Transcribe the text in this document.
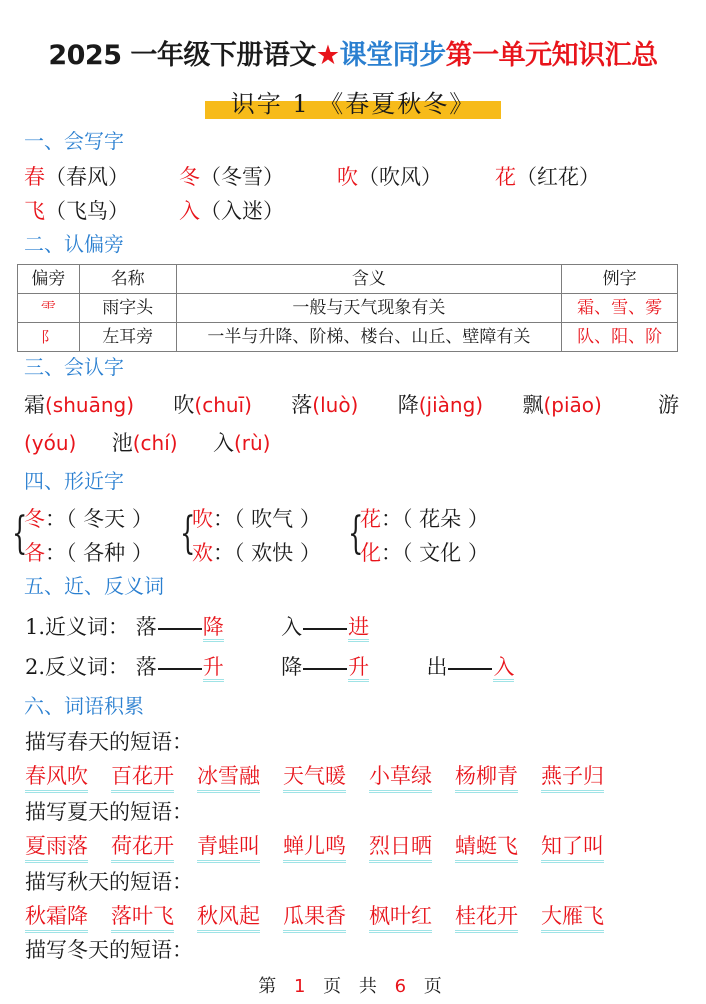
2025 一年级下册语文★课堂同步第一单元知识汇总
识字 1 《春夏秋冬》
一、会写字
春（春风） 冬（冬雪）	吹（吹风）	花（红花）
飞（飞鸟） 入（入迷）
二、认偏旁
偏旁	名称	含义	例字
⻗	雨字头	一般与天气现象有关	霜、雪、雾
阝	左耳旁	一半与升降、阶梯、楼台、山丘、壁障有关	队、阳、阶
三、会认字
霜(shuāng) 吹(chuī) 落(luò) 降(jiàng) 飘(piāo)	游
(yóu) 池(chí) 入(rù)
四、形近字
{
冬：（ 冬天 ）
各：（ 各种 ） {
吹：（ 吹气 ）
欢：（ 欢快 ） {
花：（ 花朵 ）
化：（ 文化 ）
五、近、反义词
1.近义词： 落 降	入 进
2.反义词： 落 升	降 升	出 入
六、词语积累
描写春天的短语：
春风吹 百花开 冰雪融 天气暖 小草绿 杨柳青 燕子归
描写夏天的短语：
夏雨落 荷花开 青蛙叫 蝉儿鸣 烈日晒 蜻蜓飞 知了叫
描写秋天的短语：
秋霜降 落叶飞 秋风起 瓜果香 枫叶红 桂花开 大雁飞
描写冬天的短语：
第 1 页 共 6 页
